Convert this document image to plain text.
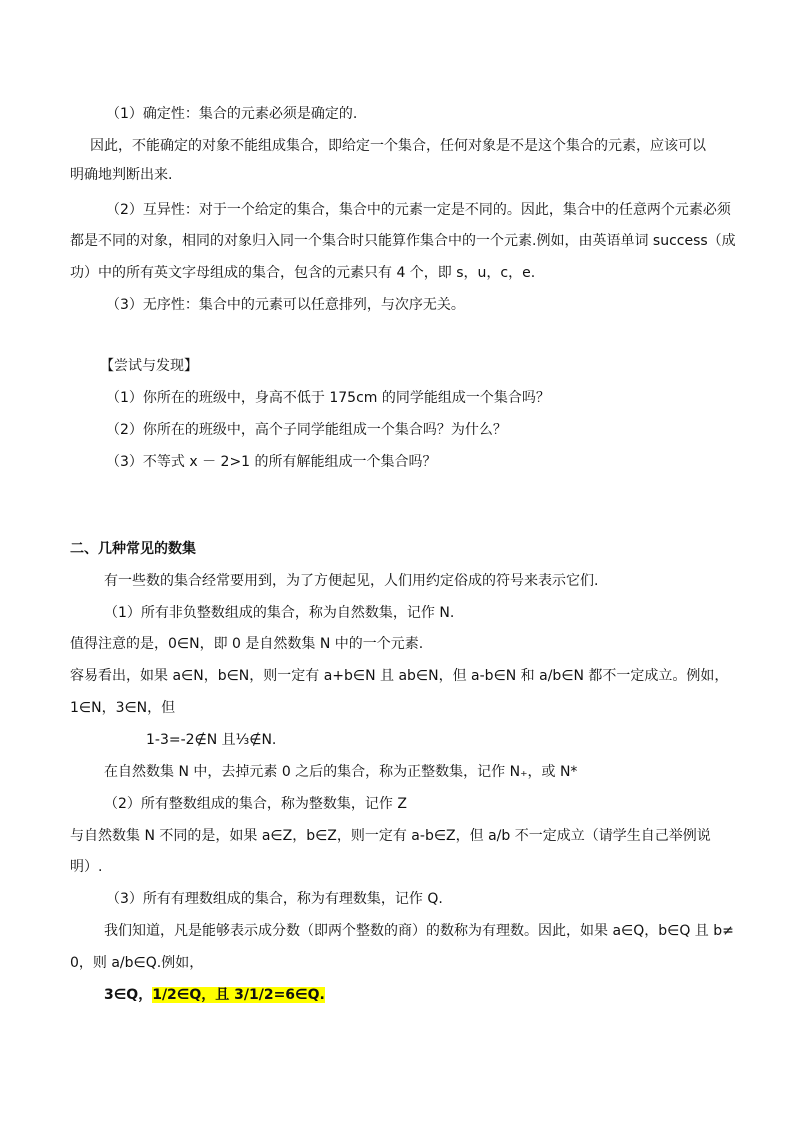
（1）确定性：集合的元素必须是确定的.
因此，不能确定的对象不能组成集合，即给定一个集合，任何对象是不是这个集合的元素，应该可以
明确地判断出来.
（2）互异性：对于一个给定的集合，集合中的元素一定是不同的。因此，集合中的任意两个元素必须
都是不同的对象，相同的对象归入同一个集合时只能算作集合中的一个元素.例如，由英语单词 success（成
功）中的所有英文字母组成的集合，包含的元素只有 4 个，即 s，u，c，e.
（3）无序性：集合中的元素可以任意排列，与次序无关。
【尝试与发现】
（1）你所在的班级中，身高不低于 175cm 的同学能组成一个集合吗？
（2）你所在的班级中，高个子同学能组成一个集合吗？为什么？
（3）不等式 x － 2>1 的所有解能组成一个集合吗？
二、几种常见的数集
有一些数的集合经常要用到，为了方便起见，人们用约定俗成的符号来表示它们.
（1）所有非负整数组成的集合，称为自然数集，记作 N.
值得注意的是，0∈N，即 0 是自然数集 N 中的一个元素.
容易看出，如果 a∈N，b∈N，则一定有 a+b∈N 且 ab∈N，但 a-b∈N 和 a/b∈N 都不一定成立。例如，
1∈N，3∈N，但
1-3=-2∉N 且⅓∉N.
在自然数集 N 中，去掉元素 0 之后的集合，称为正整数集，记作 N₊，或 N*
（2）所有整数组成的集合，称为整数集，记作 Z
与自然数集 N 不同的是，如果 a∈Z，b∈Z，则一定有 a-b∈Z，但 a/b 不一定成立（请学生自己举例说
明）.
（3）所有有理数组成的集合，称为有理数集，记作 Q.
我们知道，凡是能够表示成分数（即两个整数的商）的数称为有理数。因此，如果 a∈Q，b∈Q 且 b≠
0，则 a/b∈Q.例如，
3∈Q，1/2∈Q，且 3/1/2=6∈Q.
